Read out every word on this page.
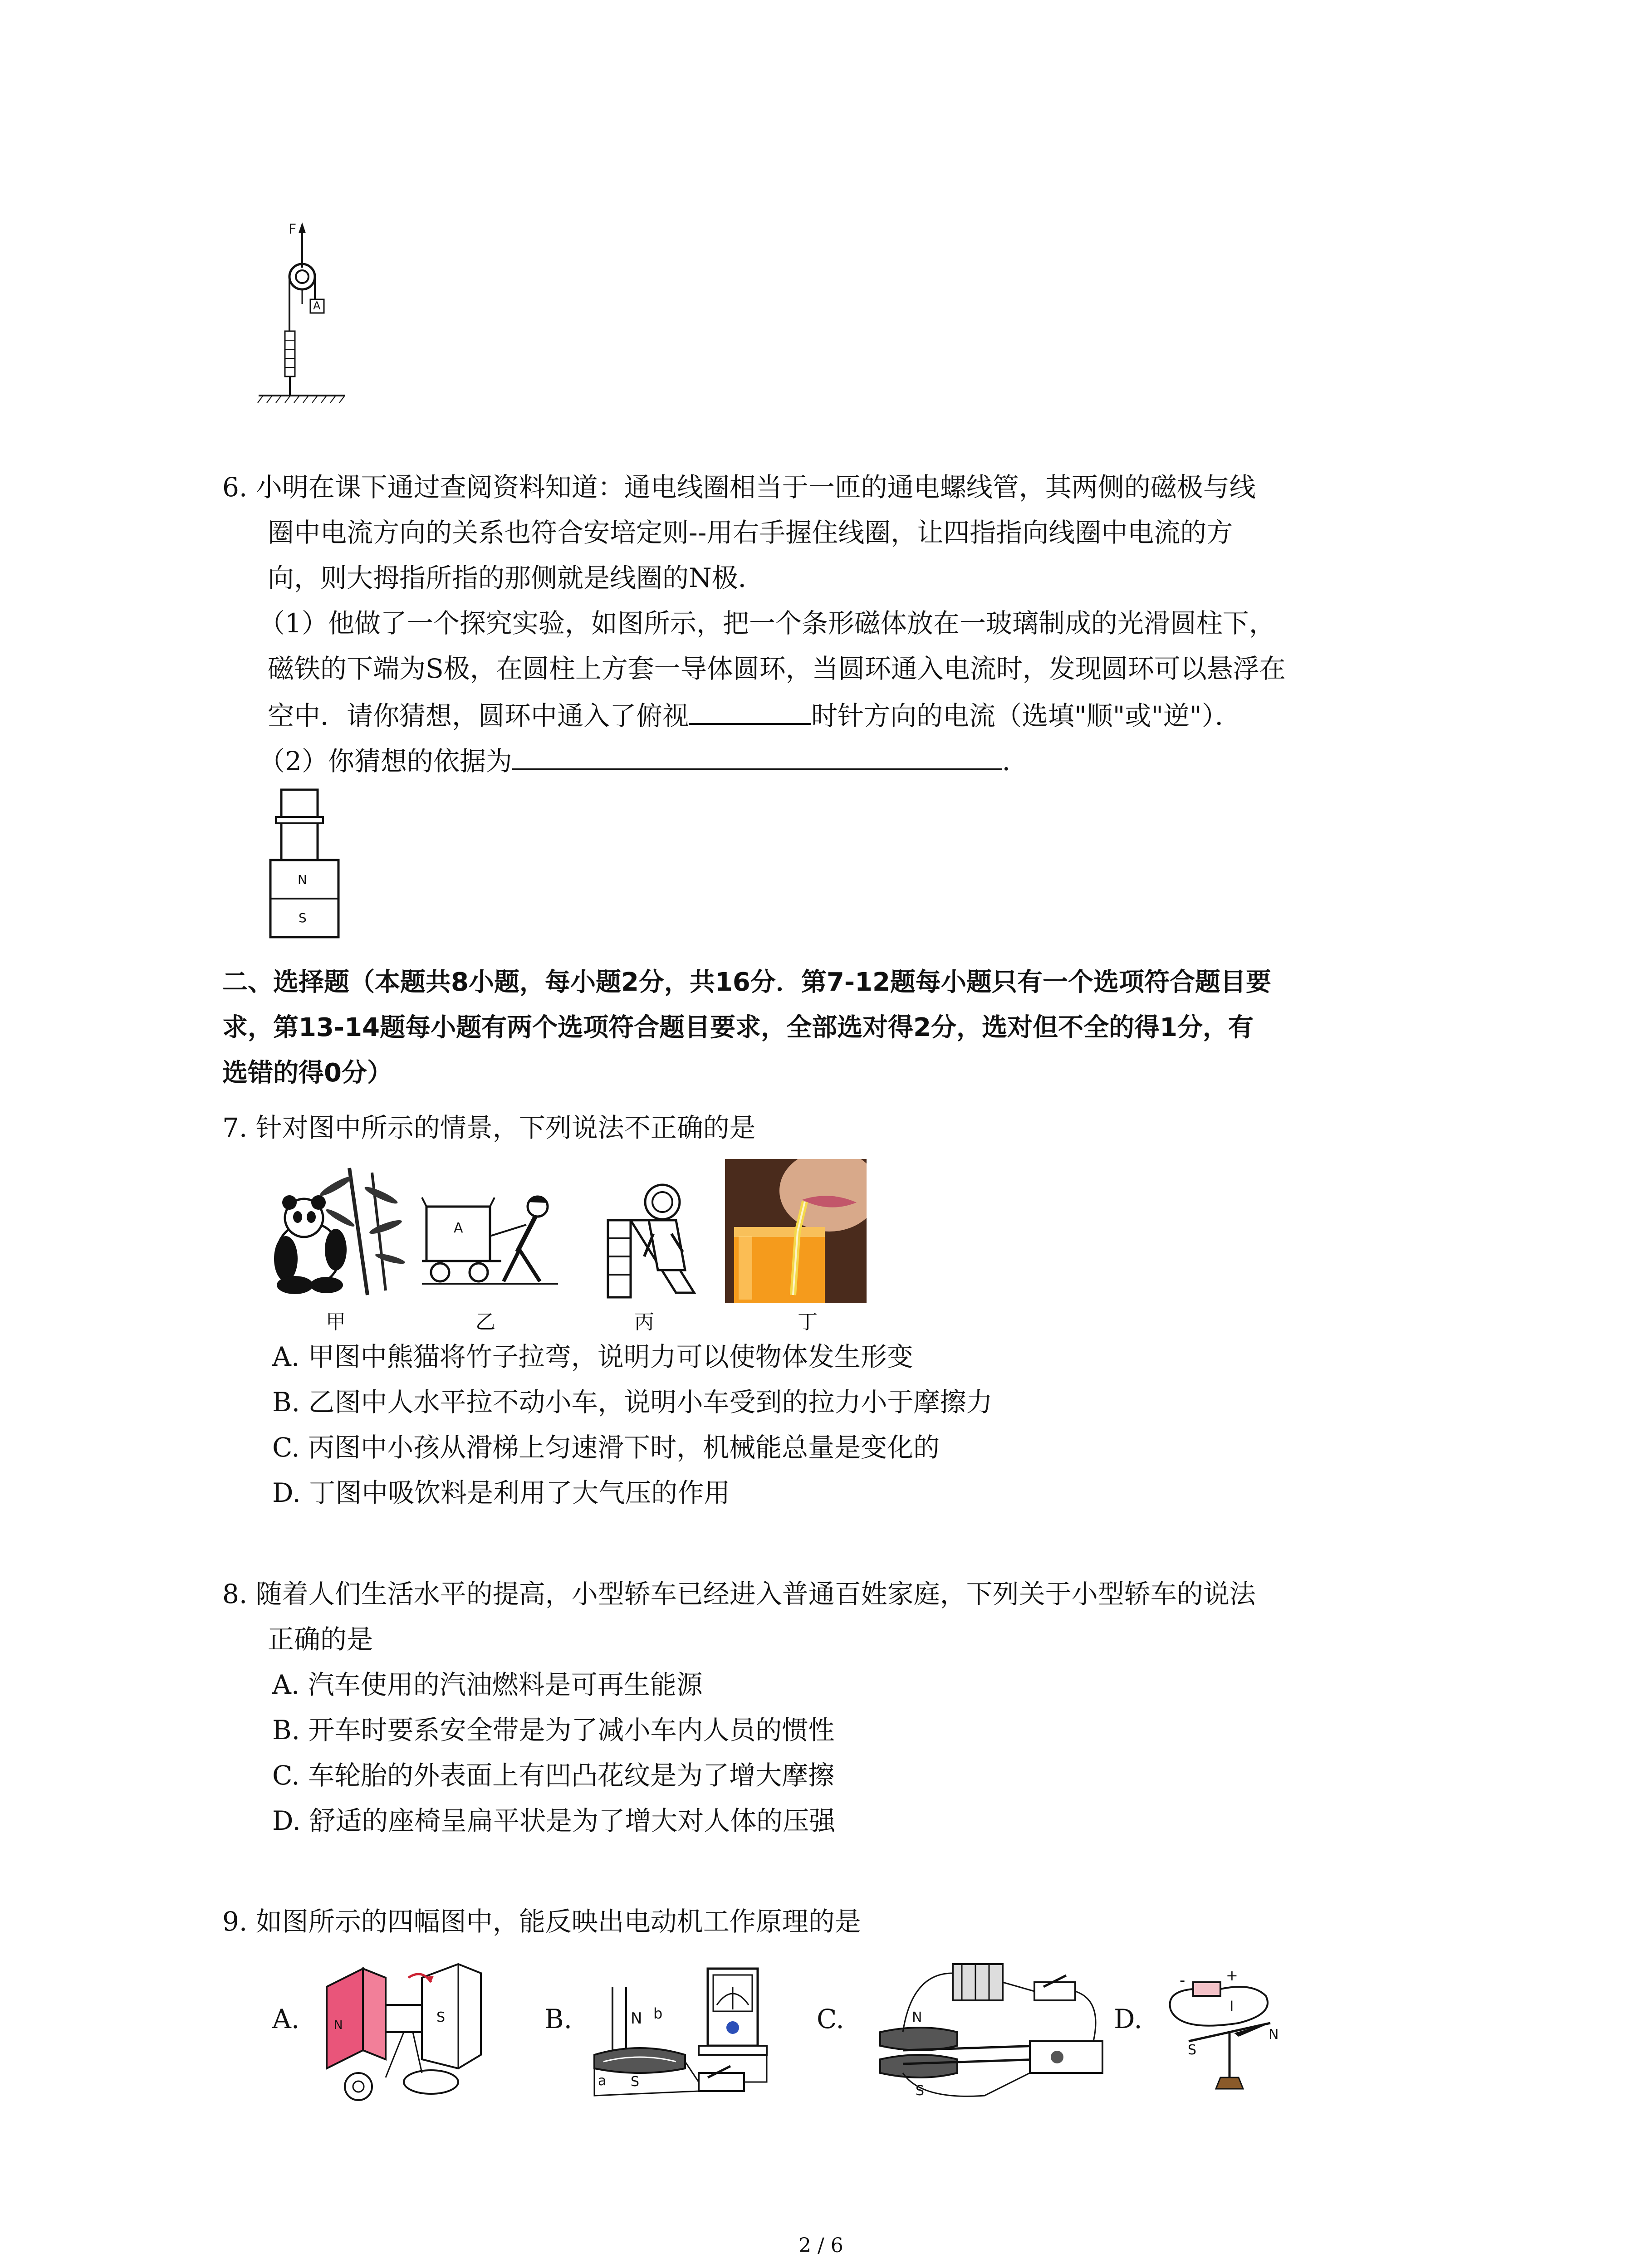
F
A
6. 小明在课下通过查阅资料知道：通电线圈相当于一匝的通电螺线管，其两侧的磁极与线
圈中电流方向的关系也符合安培定则--用右手握住线圈，让四指指向线圈中电流的方
向，则大拇指所指的那侧就是线圈的N极．
（1）他做了一个探究实验，如图所示，把一个条形磁体放在一玻璃制成的光滑圆柱下，
磁铁的下端为S极，在圆柱上方套一导体圆环，当圆环通入电流时，发现圆环可以悬浮在
空中．请你猜想，圆环中通入了俯视	时针方向的电流（选填"顺"或"逆"）．
（2）你猜想的依据为	．
N
S
二、选择题（本题共8小题，每小题2分，共16分．第7-12题每小题只有一个选项符合题目要
求，第13-14题每小题有两个选项符合题目要求，全部选对得2分，选对但不全的得1分，有
选错的得0分）
7. 针对图中所示的情景，下列说法不正确的是
甲
A
乙	丙	丁
A. 甲图中熊猫将竹子拉弯，说明力可以使物体发生形变
B. 乙图中人水平拉不动小车，说明小车受到的拉力小于摩擦力
C. 丙图中小孩从滑梯上匀速滑下时，机械能总量是变化的
D. 丁图中吸饮料是利用了大气压的作用
8. 随着人们生活水平的提高，小型轿车已经进入普通百姓家庭，下列关于小型轿车的说法
正确的是
A. 汽车使用的汽油燃料是可再生能源
B. 开车时要系安全带是为了减小车内人员的惯性
C. 车轮胎的外表面上有凹凸花纹是为了增大摩擦
D. 舒适的座椅呈扁平状是为了增大对人体的压强
9. 如图所示的四幅图中，能反映出电动机工作原理的是
A.	N	S	B.	N b
a S
C.	N
S
D.
-	+
I
S
N
2 / 6
